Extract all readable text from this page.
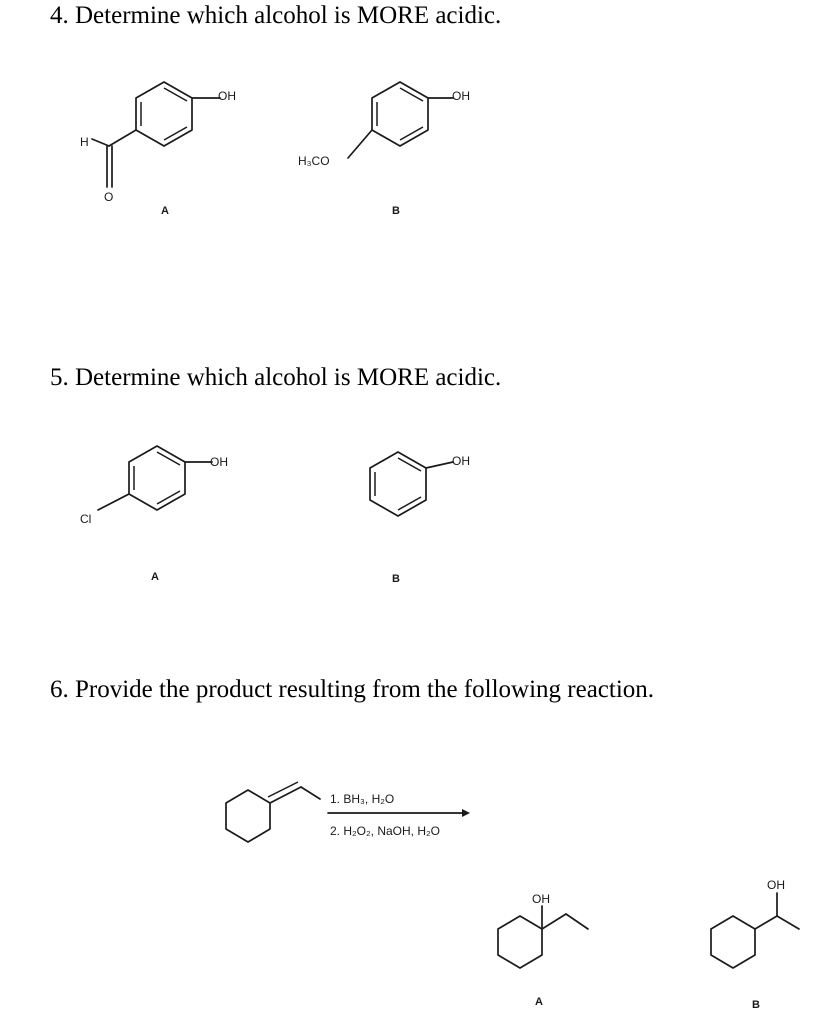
4. Determine which alcohol is MORE acidic.
5. Determine which alcohol is MORE acidic.
6. Provide the product resulting from the following reaction.
OH
H
O
A
OH
H₃CO
B
OH
Cl
A
OH
B
1. BH₃, H₂O
2. H₂O₂, NaOH, H₂O
OH
A
OH
B
